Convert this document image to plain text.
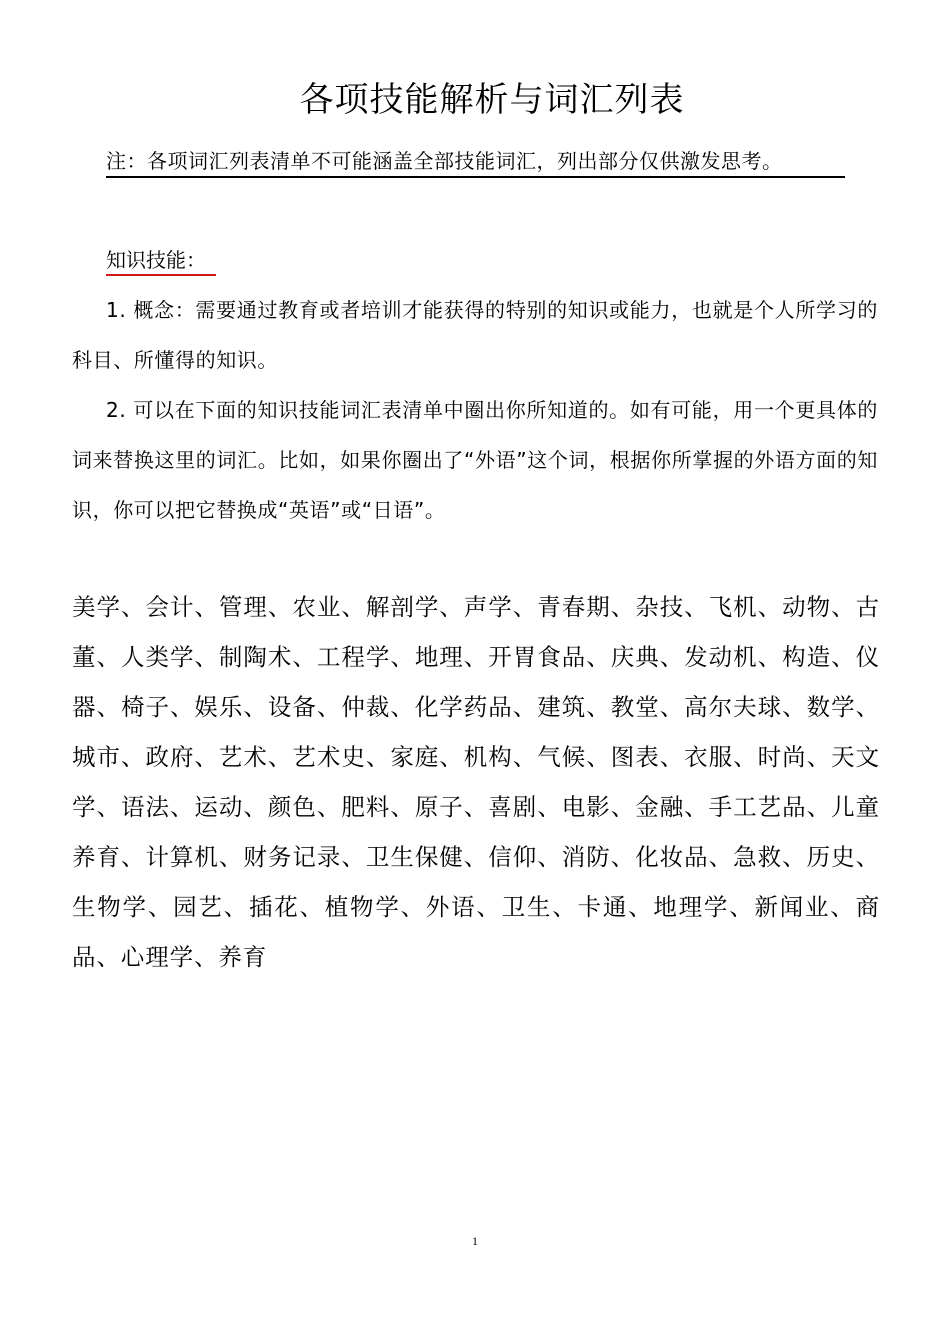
各项技能解析与词汇列表
注：各项词汇列表清单不可能涵盖全部技能词汇，列出部分仅供激发思考。
知识技能：

1. 概念：需要通过教育或者培训才能获得的特别的知识或能力，也就是个人所学习的科目、所懂得的知识。

2. 可以在下面的知识技能词汇表清单中圈出你所知道的。如有可能，用一个更具体的词来替换这里的词汇。比如，如果你圈出了“外语”这个词，根据你所掌握的外语方面的知识，你可以把它替换成“英语”或“日语”。

美学、会计、管理、农业、解剖学、声学、青春期、杂技、飞机、动物、古董、人类学、制陶术、工程学、地理、开胃食品、庆典、发动机、构造、仪器、椅子、娱乐、设备、仲裁、化学药品、建筑、教堂、高尔夫球、数学、城市、政府、艺术、艺术史、家庭、机构、气候、图表、衣服、时尚、天文学、语法、运动、颜色、肥料、原子、喜剧、电影、金融、手工艺品、儿童养育、计算机、财务记录、卫生保健、信仰、消防、化妆品、急救、历史、生物学、园艺、插花、植物学、外语、卫生、卡通、地理学、新闻业、商品、心理学、养育

1
